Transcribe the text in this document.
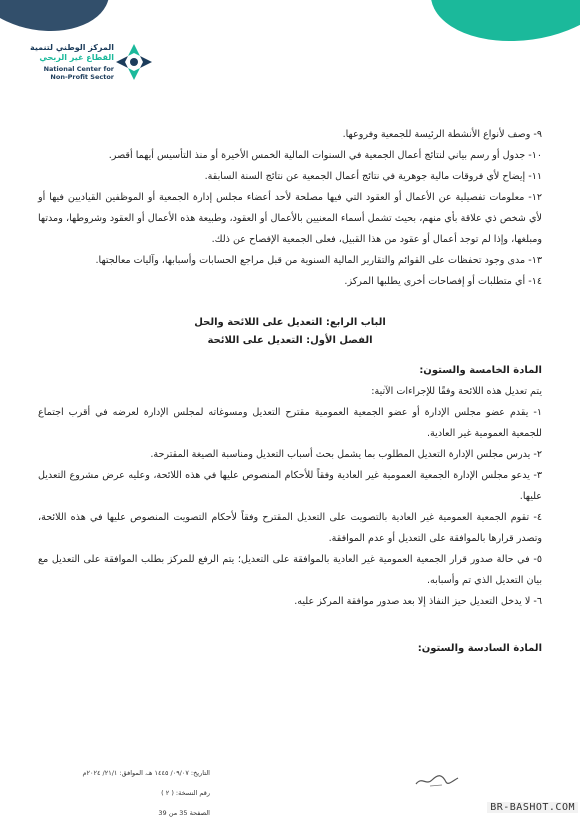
المركز الوطني لتنمية
القطاع غير الربحي
National Center for
Non-Profit Sector

٩- وصف لأنواع الأنشطة الرئيسة للجمعية وفروعها.

١٠- جدول أو رسم بياني لنتائج أعمال الجمعية في السنوات المالية الخمس الأخيرة أو منذ التأسيس أيهما أقصر.

١١- إيضاح لأي فروقات مالية جوهرية في نتائج أعمال الجمعية عن نتائج السنة السابقة.

١٢- معلومات تفصيلية عن الأعمال أو العقود التي فيها مصلحة لأحد أعضاء مجلس إدارة الجمعية أو الموظفين القياديين فيها أو لأي شخص ذي علاقة بأي منهم، بحيث تشمل أسماء المعنيين بالأعمال أو العقود، وطبيعة هذه الأعمال أو العقود وشروطها، ومدتها ومبلغها، وإذا لم توجد أعمال أو عقود من هذا القبيل، فعلى الجمعية الإفصاح عن ذلك.

١٣- مدى وجود تحفظات على القوائم والتقارير المالية السنوية من قبل مراجع الحسابات وأسبابها، وآليات معالجتها.

١٤- أي متطلبات أو إفصاحات أخرى يطلبها المركز.

الباب الرابع: التعديل على اللائحة والحل
الفصل الأول: التعديل على اللائحة

المادة الخامسة والستون:

يتم تعديل هذه اللائحة وفقًا للإجراءات الآتية:

١- يقدم عضو مجلس الإدارة أو عضو الجمعية العمومية مقترح التعديل ومسوغاته لمجلس الإدارة لعرضه في أقرب اجتماع للجمعية العمومية غير العادية.

٢- يدرس مجلس الإدارة التعديل المطلوب بما يشمل بحث أسباب التعديل ومناسبة الصيغة المقترحة.

٣- يدعو مجلس الإدارة الجمعية العمومية غير العادية وفقاً للأحكام المنصوص عليها في هذه اللائحة، وعليه عرض مشروع التعديل عليها.

٤- تقوم الجمعية العمومية غير العادية بالتصويت على التعديل المقترح وفقاً لأحكام التصويت المنصوص عليها في هذه اللائحة، وتصدر قرارها بالموافقة على التعديل أو عدم الموافقة.

٥- في حالة صدور قرار الجمعية العمومية غير العادية بالموافقة على التعديل؛ يتم الرفع للمركز بطلب الموافقة على التعديل مع بيان التعديل الذي تم وأسبابه.

٦- لا يدخل التعديل حيز النفاذ إلا بعد صدور موافقة المركز عليه.

المادة السادسة والستون:

التاريخ: ٠٩/٠٧/ ١٤٤٥ هـ، الموافق: ٢١/١/ ٢٠٢٤م
رقم النسخة: ( ٢ )
الصفحة 35 من 39	BR-BASHOT.COM
